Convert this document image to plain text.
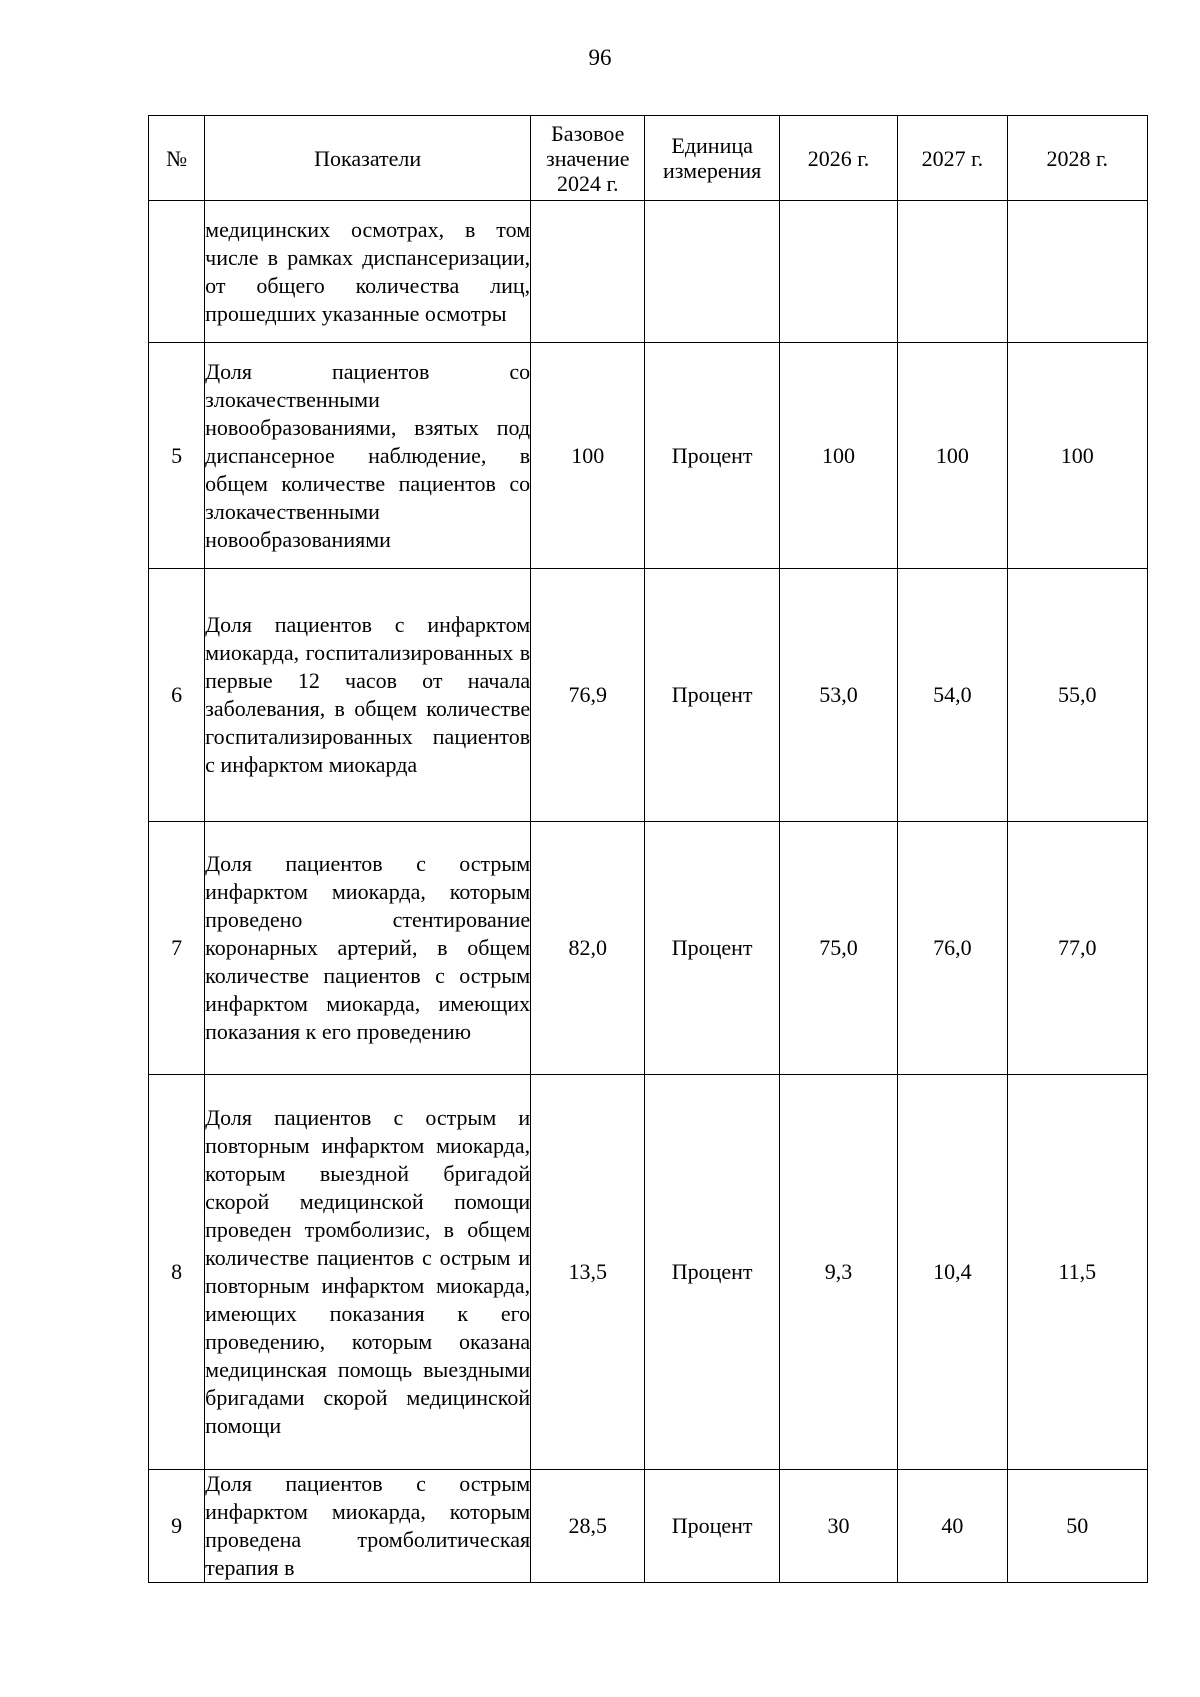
96
№	Показатели	Базовое значение 2024 г.	Единица измерения	2026 г.	2027 г.	2028 г.
	медицинских осмотрах, в том числе в рамках диспансеризации, от общего количества лиц, прошедших указанные осмотры					
5	Доля пациентов со злокачественными новообразованиями, взятых под диспансерное наблюдение, в общем количестве пациентов со злокачественными новообразованиями	100	Процент	100	100	100
6	Доля пациентов с инфарктом миокарда, госпитализированных в первые 12 часов от начала заболевания, в общем количестве госпитализированных пациентов с инфарктом миокарда	76,9	Процент	53,0	54,0	55,0
7	Доля пациентов с острым инфарктом миокарда, которым проведено стентирование коронарных артерий, в общем количестве пациентов с острым инфарктом миокарда, имеющих показания к его проведению	82,0	Процент	75,0	76,0	77,0
8	Доля пациентов с острым и повторным инфарктом миокарда, которым выездной бригадой скорой медицинской помощи проведен тромболизис, в общем количестве пациентов с острым и повторным инфарктом миокарда, имеющих показания к его проведению, которым оказана медицинская помощь выездными бригадами скорой медицинской помощи	13,5	Процент	9,3	10,4	11,5
9	Доля пациентов с острым инфарктом миокарда, которым проведена тромболитическая терапия в	28,5	Процент	30	40	50
